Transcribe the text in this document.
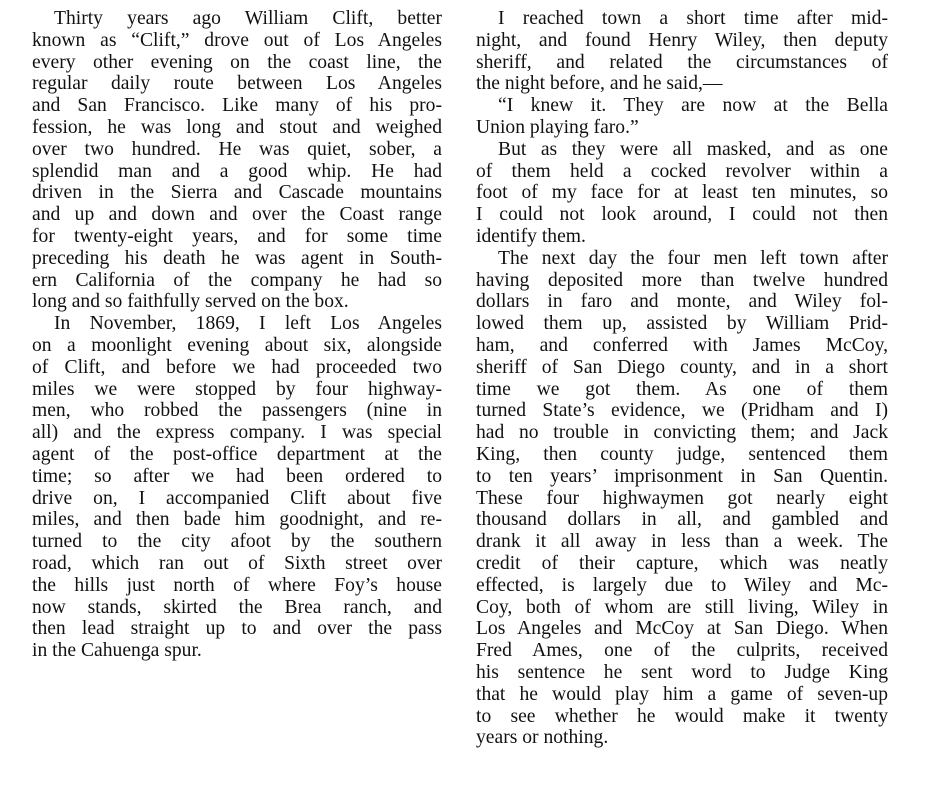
Thirty years ago William Clift, better
known as “Clift,” drove out of Los Angeles
every other evening on the coast line, the
regular daily route between Los Angeles
and San Francisco. Like many of his pro-
fession, he was long and stout and weighed
over two hundred. He was quiet, sober, a
splendid man and a good whip. He had
driven in the Sierra and Cascade mountains
and up and down and over the Coast range
for twenty-eight years, and for some time
preceding his death he was agent in South-
ern California of the company he had so
long and so faithfully served on the box.
In November, 1869, I left Los Angeles
on a moonlight evening about six, alongside
of Clift, and before we had proceeded two
miles we were stopped by four highway-
men, who robbed the passengers (nine in
all) and the express company. I was special
agent of the post-office department at the
time; so after we had been ordered to
drive on, I accompanied Clift about five
miles, and then bade him goodnight, and re-
turned to the city afoot by the southern
road, which ran out of Sixth street over
the hills just north of where Foy’s house
now stands, skirted the Brea ranch, and
then lead straight up to and over the pass
in the Cahuenga spur.
I reached town a short time after mid-
night, and found Henry Wiley, then deputy
sheriff, and related the circumstances of
the night before, and he said,—
“I knew it. They are now at the Bella
Union playing faro.”
But as they were all masked, and as one
of them held a cocked revolver within a
foot of my face for at least ten minutes, so
I could not look around, I could not then
identify them.
The next day the four men left town after
having deposited more than twelve hundred
dollars in faro and monte, and Wiley fol-
lowed them up, assisted by William Prid-
ham, and conferred with James McCoy,
sheriff of San Diego county, and in a short
time we got them. As one of them
turned State’s evidence, we (Pridham and I)
had no trouble in convicting them; and Jack
King, then county judge, sentenced them
to ten years’ imprisonment in San Quentin.
These four highwaymen got nearly eight
thousand dollars in all, and gambled and
drank it all away in less than a week. The
credit of their capture, which was neatly
effected, is largely due to Wiley and Mc-
Coy, both of whom are still living, Wiley in
Los Angeles and McCoy at San Diego. When
Fred Ames, one of the culprits, received
his sentence he sent word to Judge King
that he would play him a game of seven-up
to see whether he would make it twenty
years or nothing.
